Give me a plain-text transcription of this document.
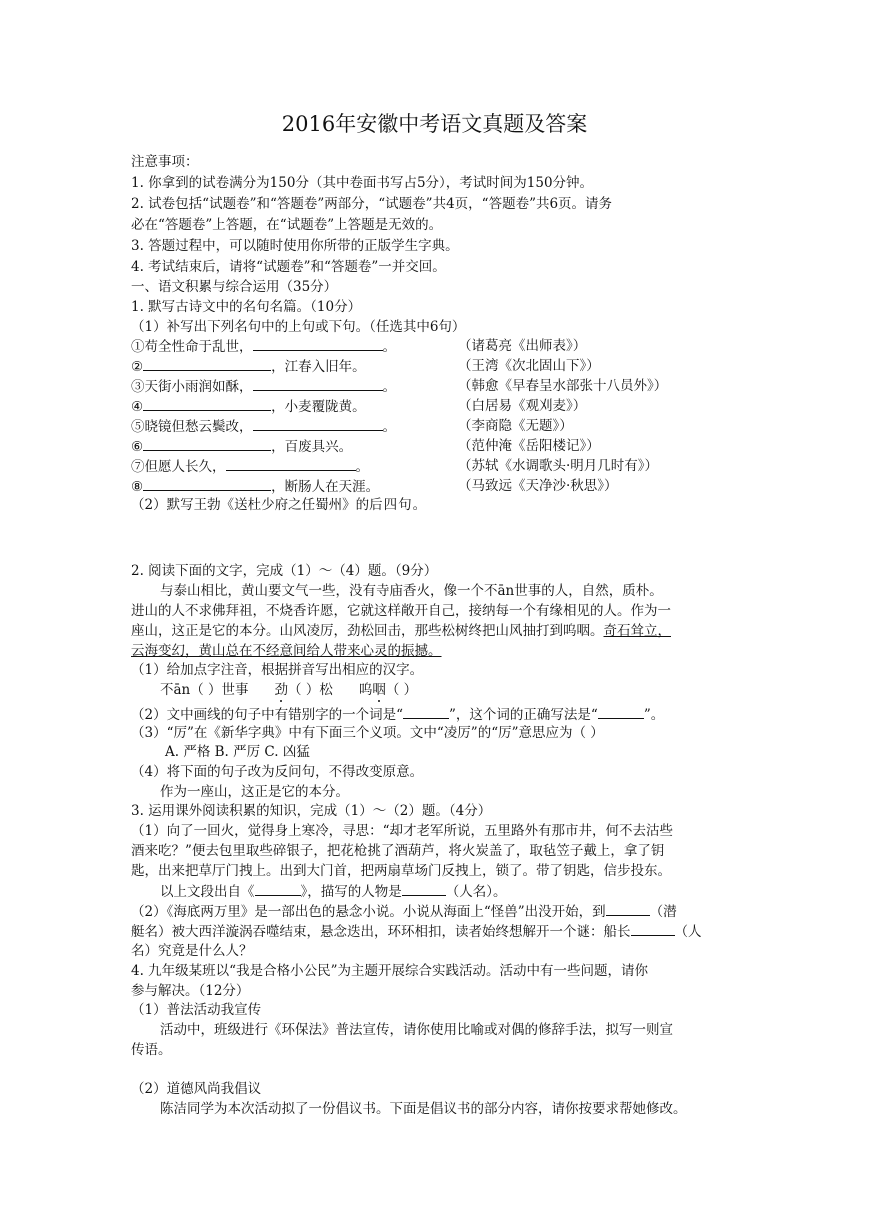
2016年安徽中考语文真题及答案
注意事项：
1. 你拿到的试卷满分为150分（其中卷面书写占5分），考试时间为150分钟。
2. 试卷包括“试题卷”和“答题卷”两部分，“试题卷”共4页，“答题卷”共6页。请务
必在“答题卷”上答题，在“试题卷”上答题是无效的。
3. 答题过程中，可以随时使用你所带的正版学生字典。
4. 考试结束后，请将“试题卷”和“答题卷”一并交回。
一、语文积累与综合运用（35分）
1. 默写古诗文中的名句名篇。（10分）
（1）补写出下列名句中的上句或下句。（任选其中6句）
①苟全性命于乱世，	。	（诸葛亮《出师表》）
②	，江春入旧年。	（王湾《次北固山下》）
③天街小雨润如酥，	。	（韩愈《早春呈水部张十八员外》）
④	，小麦覆陇黄。	（白居易《观刈麦》）
⑤晓镜但愁云鬓改，	。	（李商隐《无题》）
⑥	，百废具兴。	（范仲淹《岳阳楼记》）
⑦但愿人长久，	。	（苏轼《水调歌头·明月几时有》）
⑧	，断肠人在天涯。	（马致远《天净沙·秋思》）
（2）默写王勃《送杜少府之任蜀州》的后四句。
2. 阅读下面的文字，完成（1）～（4）题。（9分）
与泰山相比，黄山要文气一些，没有寺庙香火，像一个不ān世事的人，自然，质朴。
进山的人不求佛拜祖，不烧香许愿，它就这样敞开自己，接纳每一个有缘相见的人。作为一
座山，这正是它的本分。山风凌厉，劲松回击，那些松树终把山风抽打到呜咽。奇石耸立，
云海变幻，黄山总在不经意间给人带来心灵的振撼。
（1）给加点字注音，根据拼音写出相应的汉字。
不ān（ ）世事 劲（ ）松 呜咽（ ）
（2）文中画线的句子中有错别字的一个词是“	”，这个词的正确写法是“	”。
（3）“厉”在《新华字典》中有下面三个义项。文中“凌厉”的“厉”意思应为（ ）
A. 严格 B. 严厉 C. 凶猛
（4）将下面的句子改为反问句，不得改变原意。
作为一座山，这正是它的本分。
3. 运用课外阅读积累的知识，完成（1）～（2）题。（4分）
（1）向了一回火，觉得身上寒冷，寻思：“却才老军所说，五里路外有那市井，何不去沽些
酒来吃？”便去包里取些碎银子，把花枪挑了酒葫芦，将火炭盖了，取毡笠子戴上，拿了钥
匙，出来把草厅门拽上。出到大门首，把两扇草场门反拽上，锁了。带了钥匙，信步投东。
以上文段出自《	》，描写的人物是	（人名）。
（2）《海底两万里》是一部出色的悬念小说。小说从海面上“怪兽”出没开始，到	（潜
艇名）被大西洋漩涡吞噬结束，悬念迭出，环环相扣，读者始终想解开一个谜：船长	（人
名）究竟是什么人？
4. 九年级某班以“我是合格小公民”为主题开展综合实践活动。活动中有一些问题，请你
参与解决。（12分）
（1）普法活动我宣传
活动中，班级进行《环保法》普法宣传，请你使用比喻或对偶的修辞手法，拟写一则宣
传语。
（2）道德风尚我倡议
陈洁同学为本次活动拟了一份倡议书。下面是倡议书的部分内容，请你按要求帮她修改。
